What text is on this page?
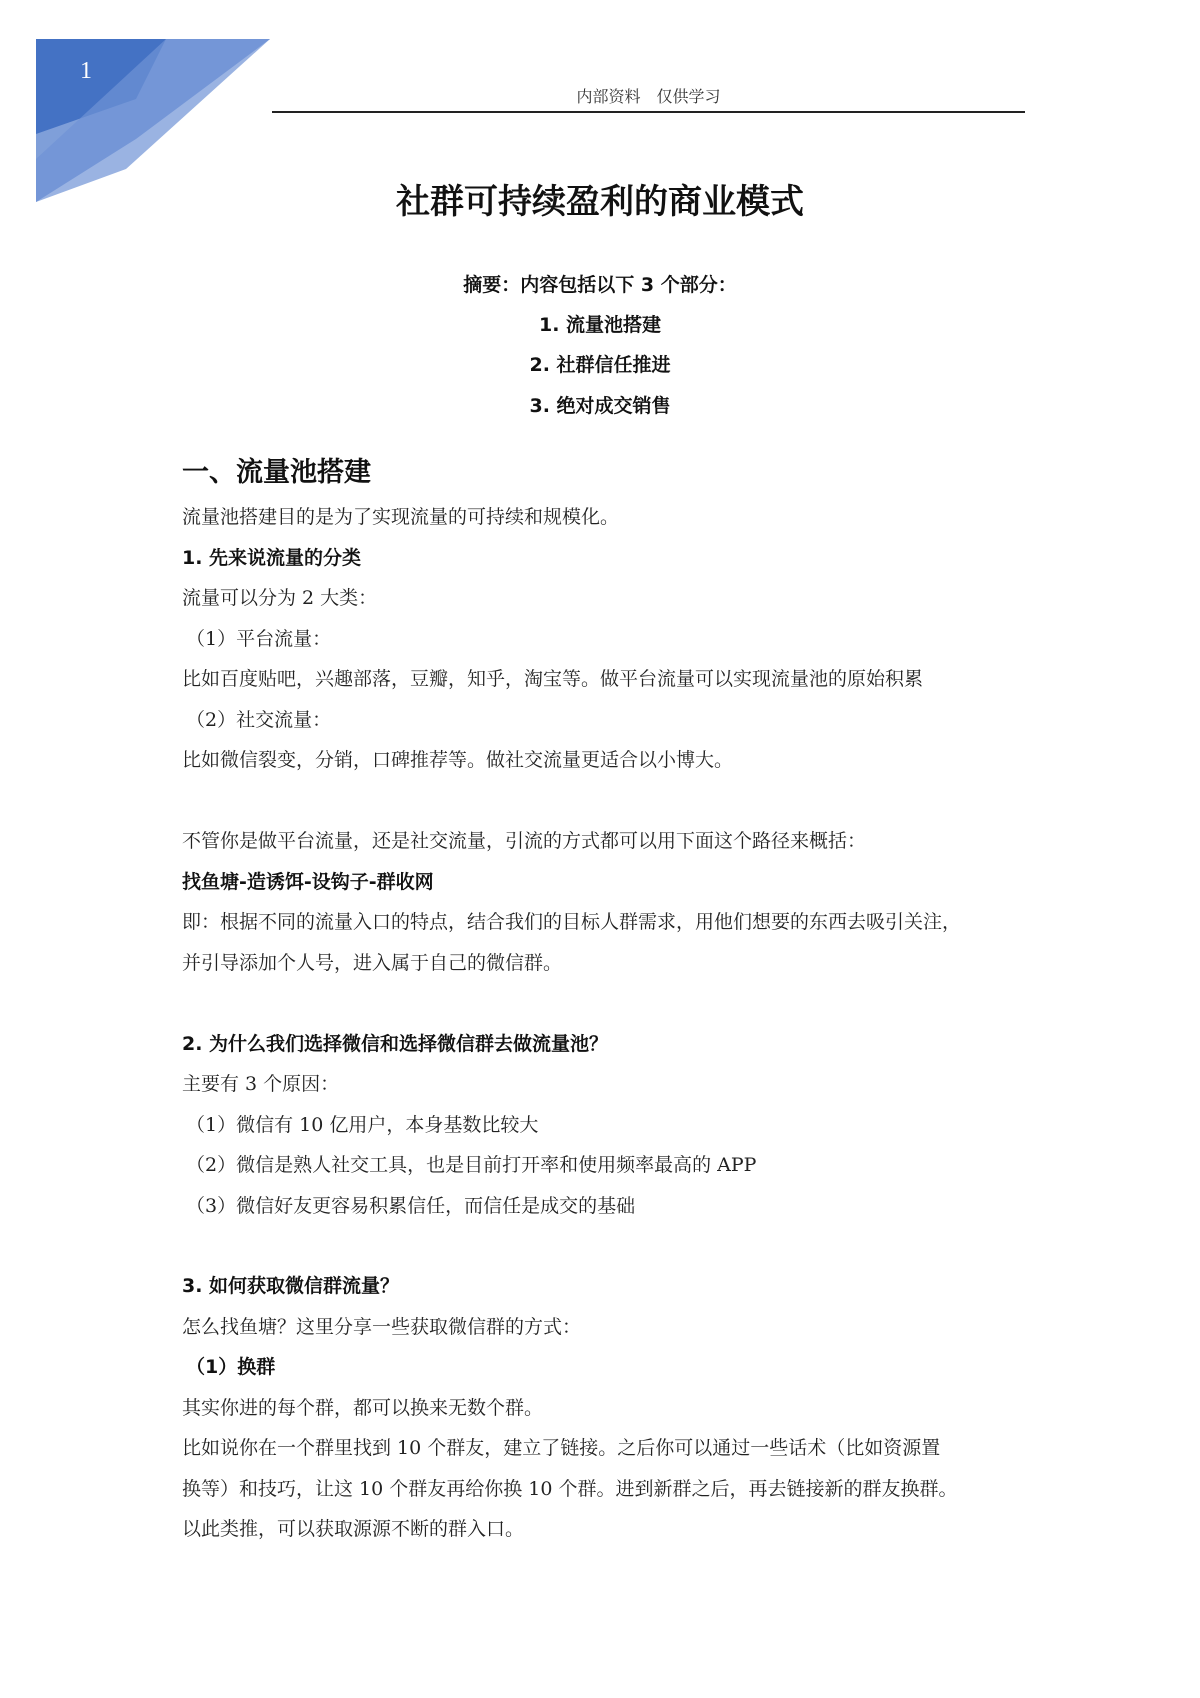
1
内部资料　仅供学习
社群可持续盈利的商业模式
摘要：内容包括以下 3 个部分：
1. 流量池搭建
2. 社群信任推进
3. 绝对成交销售
一、流量池搭建
流量池搭建目的是为了实现流量的可持续和规模化。
1. 先来说流量的分类
流量可以分为 2 大类：
（1）平台流量：
比如百度贴吧，兴趣部落，豆瓣，知乎，淘宝等。做平台流量可以实现流量池的原始积累
（2）社交流量：
比如微信裂变，分销，口碑推荐等。做社交流量更适合以小博大。
不管你是做平台流量，还是社交流量，引流的方式都可以用下面这个路径来概括：
找鱼塘-造诱饵-设钩子-群收网
即：根据不同的流量入口的特点，结合我们的目标人群需求，用他们想要的东西去吸引关注，
并引导添加个人号，进入属于自己的微信群。
2. 为什么我们选择微信和选择微信群去做流量池？
主要有 3 个原因：
（1）微信有 10 亿用户，本身基数比较大
（2）微信是熟人社交工具，也是目前打开率和使用频率最高的 APP
（3）微信好友更容易积累信任，而信任是成交的基础
3. 如何获取微信群流量？
怎么找鱼塘？这里分享一些获取微信群的方式：
（1）换群
其实你进的每个群，都可以换来无数个群。
比如说你在一个群里找到 10 个群友，建立了链接。之后你可以通过一些话术（比如资源置
换等）和技巧，让这 10 个群友再给你换 10 个群。进到新群之后，再去链接新的群友换群。
以此类推，可以获取源源不断的群入口。
